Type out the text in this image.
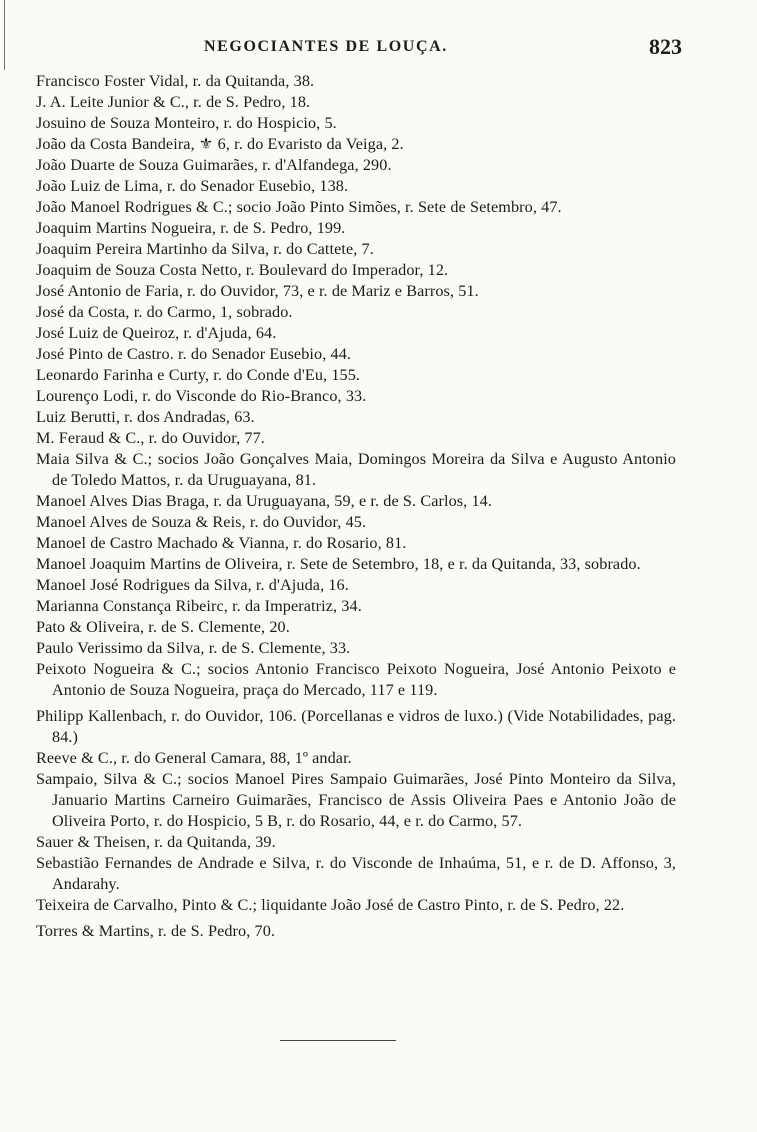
NEGOCIANTES DE LOUÇA.	823
Francisco Foster Vidal, r. da Quitanda, 38.
J. A. Leite Junior & C., r. de S. Pedro, 18.
Josuino de Souza Monteiro, r. do Hospicio, 5.
João da Costa Bandeira, ⚜ 6, r. do Evaristo da Veiga, 2.
João Duarte de Souza Guimarães, r. d'Alfandega, 290.
João Luiz de Lima, r. do Senador Eusebio, 138.
João Manoel Rodrigues & C.; socio João Pinto Simões, r. Sete de Setembro, 47.
Joaquim Martins Nogueira, r. de S. Pedro, 199.
Joaquim Pereira Martinho da Silva, r. do Cattete, 7.
Joaquim de Souza Costa Netto, r. Boulevard do Imperador, 12.
José Antonio de Faria, r. do Ouvidor, 73, e r. de Mariz e Barros, 51.
José da Costa, r. do Carmo, 1, sobrado.
José Luiz de Queiroz, r. d'Ajuda, 64.
José Pinto de Castro. r. do Senador Eusebio, 44.
Leonardo Farinha e Curty, r. do Conde d'Eu, 155.
Lourenço Lodi, r. do Visconde do Rio-Branco, 33.
Luiz Berutti, r. dos Andradas, 63.
M. Feraud & C., r. do Ouvidor, 77.
Maia Silva & C.; socios João Gonçalves Maia, Domingos Moreira da Silva e Augusto Antonio de Toledo Mattos, r. da Uruguayana, 81.
Manoel Alves Dias Braga, r. da Uruguayana, 59, e r. de S. Carlos, 14.
Manoel Alves de Souza & Reis, r. do Ouvidor, 45.
Manoel de Castro Machado & Vianna, r. do Rosario, 81.
Manoel Joaquim Martins de Oliveira, r. Sete de Setembro, 18, e r. da Quitanda, 33, sobrado.
Manoel José Rodrigues da Silva, r. d'Ajuda, 16.
Marianna Constança Ribeirc, r. da Imperatriz, 34.
Pato & Oliveira, r. de S. Clemente, 20.
Paulo Verissimo da Silva, r. de S. Clemente, 33.
Peixoto Nogueira & C.; socios Antonio Francisco Peixoto Nogueira, José Antonio Peixoto e Antonio de Souza Nogueira, praça do Mercado, 117 e 119.
Philipp Kallenbach, r. do Ouvidor, 106. (Porcellanas e vidros de luxo.) (Vide Notabilidades, pag. 84.)
Reeve & C., r. do General Camara, 88, 1º andar.
Sampaio, Silva & C.; socios Manoel Pires Sampaio Guimarães, José Pinto Monteiro da Silva, Januario Martins Carneiro Guimarães, Francisco de Assis Oliveira Paes e Antonio João de Oliveira Porto, r. do Hospicio, 5 B, r. do Rosario, 44, e r. do Carmo, 57.
Sauer & Theisen, r. da Quitanda, 39.
Sebastião Fernandes de Andrade e Silva, r. do Visconde de Inhaúma, 51, e r. de D. Affonso, 3, Andarahy.
Teixeira de Carvalho, Pinto & C.; liquidante João José de Castro Pinto, r. de S. Pedro, 22.
Torres & Martins, r. de S. Pedro, 70.
